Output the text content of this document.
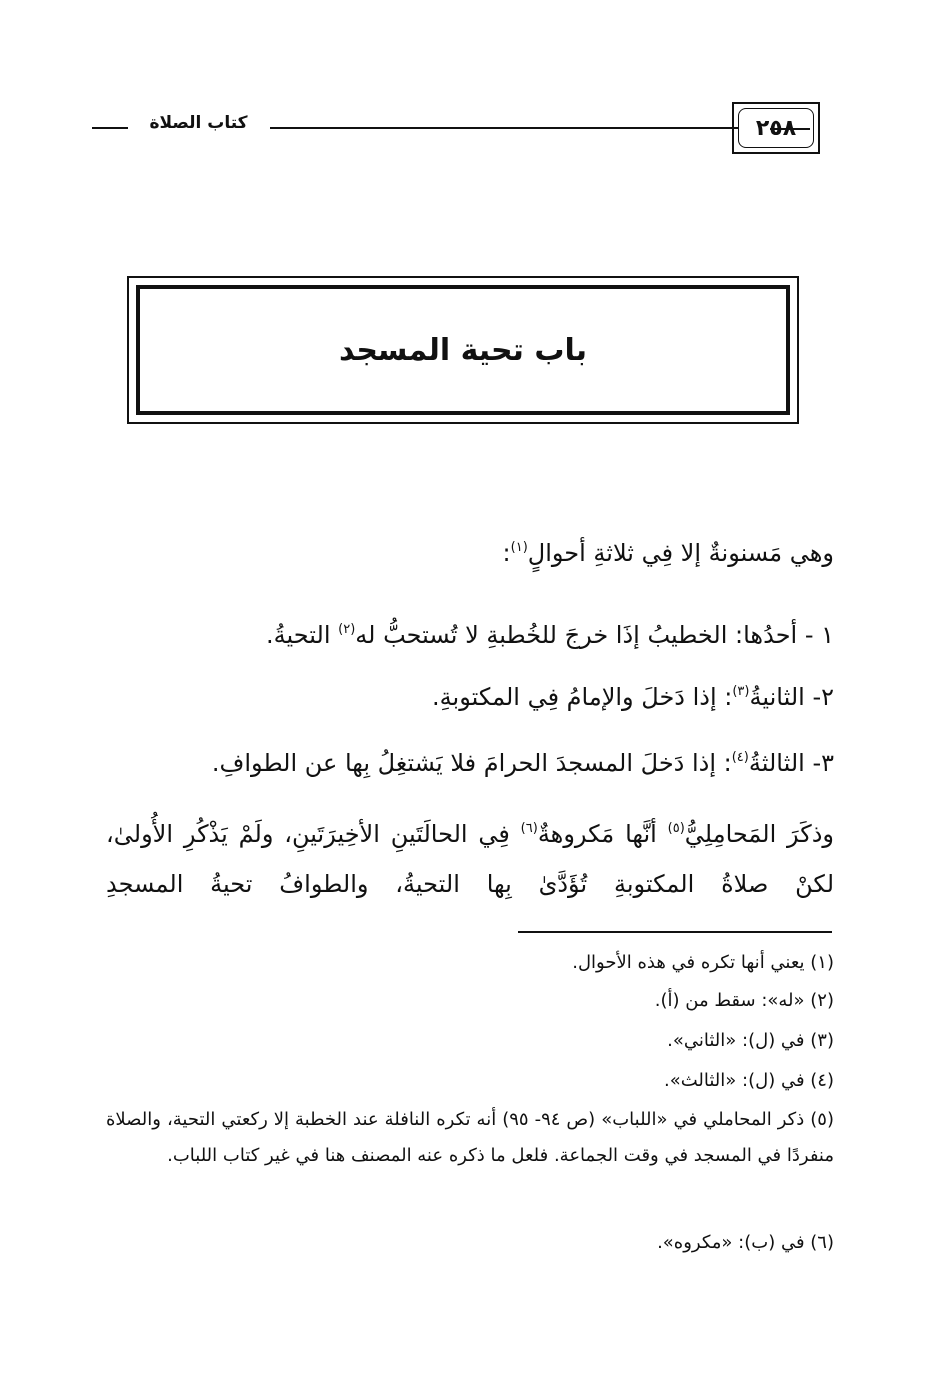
٢٥٨
كتاب الصلاة
باب تحية المسجد
وهي مَسنونةٌ إلا فِي ثلاثةِ أحوالٍ$^{(١)}$:
١ - أحدُها: الخطيبُ إذَا خرجَ للخُطبةِ لا تُستحبُّ له$^{(٢)}$ التحيةُ.
٢- الثانيةُ$^{(٣)}$: إذا دَخلَ والإمامُ فِي المكتوبةِ.
٣- الثالثةُ$^{(٤)}$: إذا دَخلَ المسجدَ الحرامَ فلا يَشتغِلُ بِها عن الطوافِ.
وذكَرَ المَحامِلِيُّ$^{(٥)}$ أنَّها مَكروهةٌ$^{(٦)}$ فِي الحالَتَينِ الأخِيرَتَينِ، ولَمْ يَذْكُرِ الأُولىٰ، لكنْ صلاةُ المكتوبةِ تُؤَدَّىٰ بِها التحيةُ، والطوافُ تحيةُ المسجدِ
(١) يعني أنها تكره في هذه الأحوال.
(٢) «له»: سقط من (أ).
(٣) في (ل): «الثاني».
(٤) في (ل): «الثالث».
(٥) ذكر المحاملي في «اللباب» (ص ٩٤- ٩٥) أنه تكره النافلة عند الخطبة إلا ركعتي التحية، والصلاة منفردًا في المسجد في وقت الجماعة. فلعل ما ذكره عنه المصنف هنا في غير كتاب اللباب.
(٦) في (ب): «مكروه».
